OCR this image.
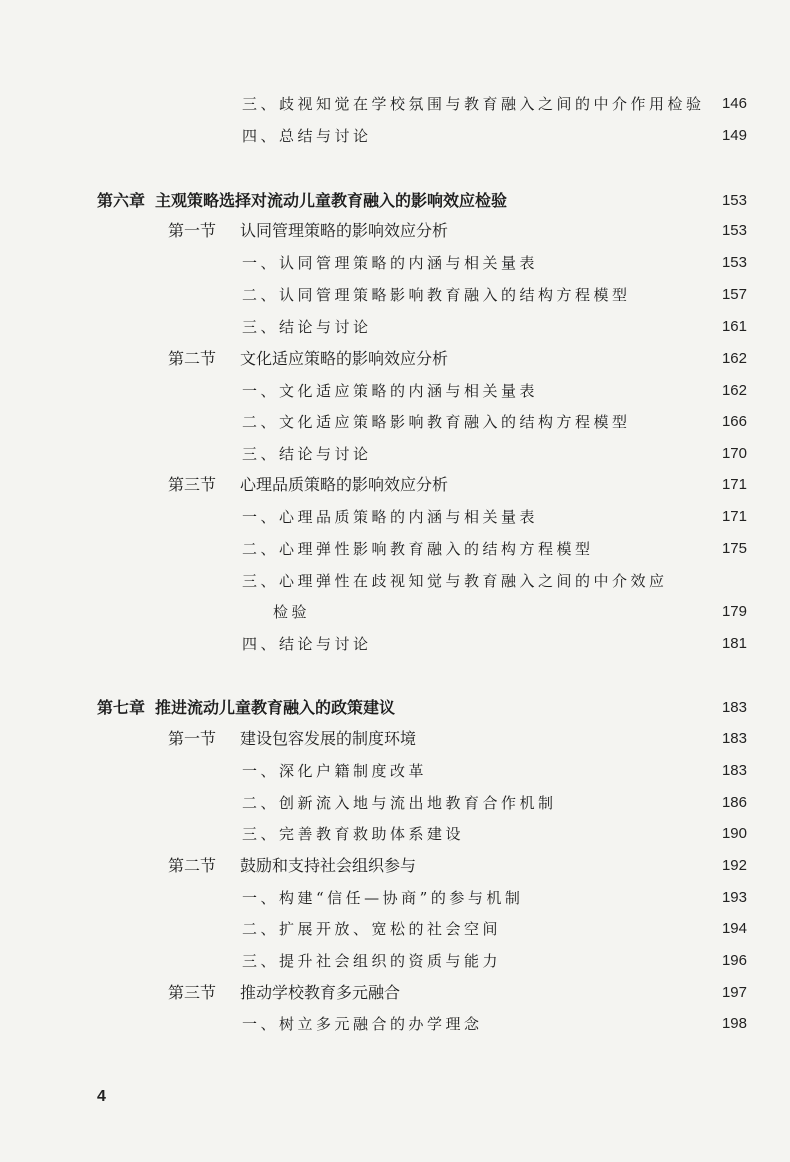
三、歧视知觉在学校氛围与教育融入之间的中介作用检验 146
四、总结与讨论	149
第六章 主观策略选择对流动儿童教育融入的影响效应检验	153
第一节 认同管理策略的影响效应分析	153
一、认同管理策略的内涵与相关量表	153
二、认同管理策略影响教育融入的结构方程模型	157
三、结论与讨论	161
第二节 文化适应策略的影响效应分析	162
一、文化适应策略的内涵与相关量表	162
二、文化适应策略影响教育融入的结构方程模型	166
三、结论与讨论	170
第三节 心理品质策略的影响效应分析	171
一、心理品质策略的内涵与相关量表	171
二、心理弹性影响教育融入的结构方程模型	175
三、心理弹性在歧视知觉与教育融入之间的中介效应
检验	179
四、结论与讨论	181
第七章 推进流动儿童教育融入的政策建议	183
第一节 建设包容发展的制度环境	183
一、深化户籍制度改革	183
二、创新流入地与流出地教育合作机制	186
三、完善教育救助体系建设	190
第二节 鼓励和支持社会组织参与	192
一、构建“信任—协商”的参与机制	193
二、扩展开放、宽松的社会空间	194
三、提升社会组织的资质与能力	196
第三节 推动学校教育多元融合	197
一、树立多元融合的办学理念	198
4
